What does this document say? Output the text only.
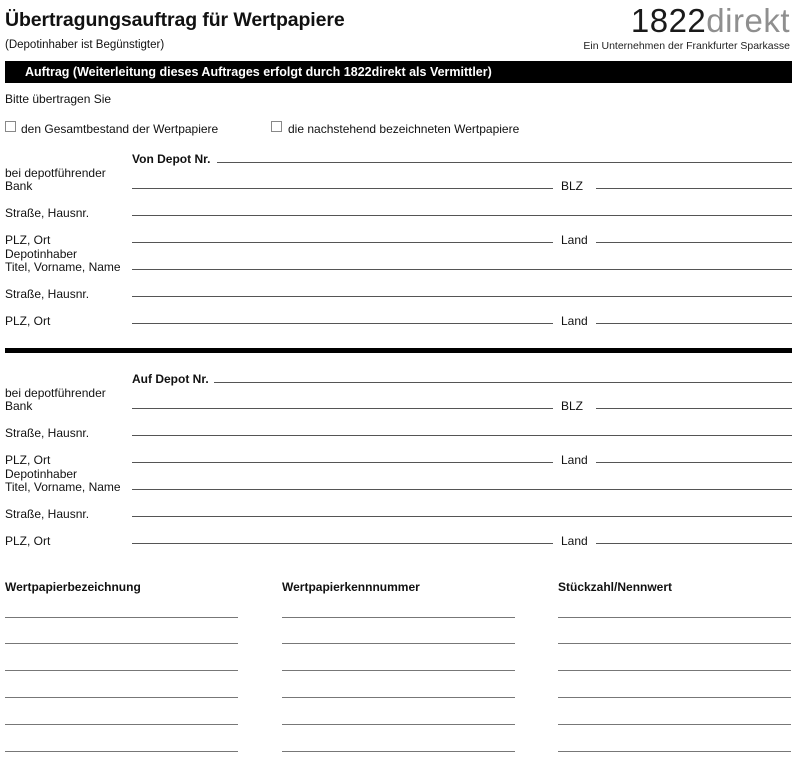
Übertragungsauftrag für Wertpapiere
(Depotinhaber ist Begünstigter)
1822direkt
Ein Unternehmen der Frankfurter Sparkasse
Auftrag (Weiterleitung dieses Auftrages erfolgt durch 1822direkt als Vermittler)
Bitte übertragen Sie
den Gesamtbestand der Wertpapiere	die nachstehend bezeichneten Wertpapiere
Von Depot Nr.
bei depotführender
Bank	BLZ
Straße, Hausnr.
PLZ, Ort	Land
Depotinhaber
Titel, Vorname, Name
Straße, Hausnr.
PLZ, Ort	Land
Auf Depot Nr.
bei depotführender
Bank	BLZ
Straße, Hausnr.
PLZ, Ort	Land
Depotinhaber
Titel, Vorname, Name
Straße, Hausnr.
PLZ, Ort	Land
Wertpapierbezeichnung	Wertpapierkennnummer	Stückzahl/Nennwert
